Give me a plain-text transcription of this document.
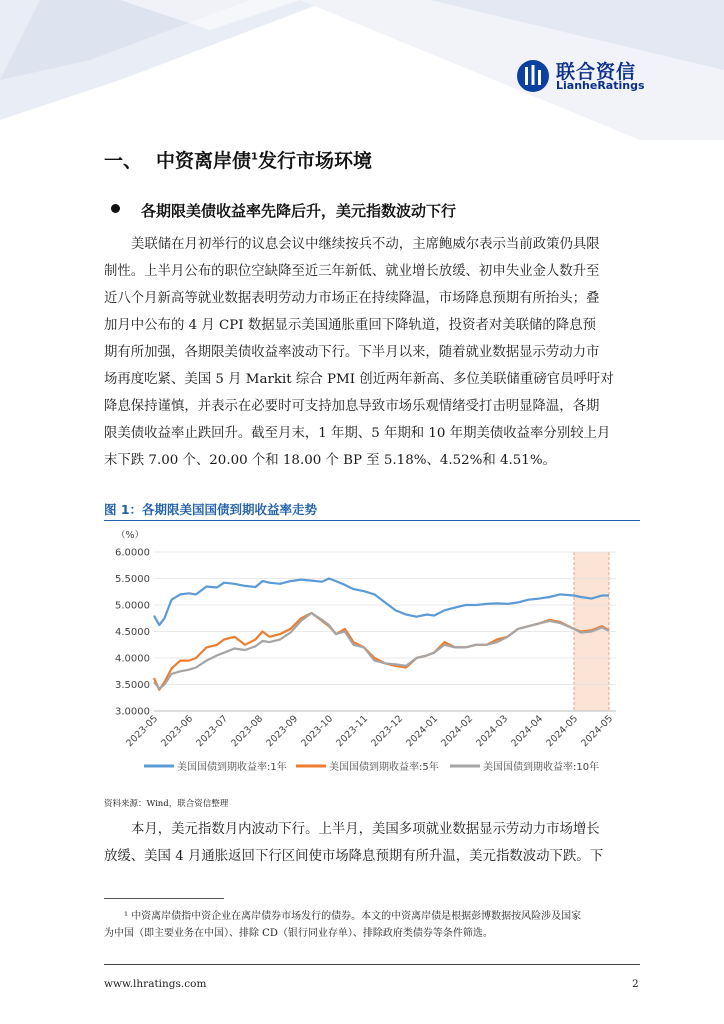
联合资信
LianheRatings
一、 中资离岸债$^1$发行市场环境
各期限美债收益率先降后升，美元指数波动下行
美联储在月初举行的议息会议中继续按兵不动，主席鲍威尔表示当前政策仍具限
制性。上半月公布的职位空缺降至近三年新低、就业增长放缓、初申失业金人数升至
近八个月新高等就业数据表明劳动力市场正在持续降温，市场降息预期有所抬头；叠
加月中公布的 4 月 CPI 数据显示美国通胀重回下降轨道，投资者对美联储的降息预
期有所加强，各期限美债收益率波动下行。下半月以来，随着就业数据显示劳动力市
场再度吃紧、美国 5 月 Markit 综合 PMI 创近两年新高、多位美联储重磅官员呼吁对
降息保持谨慎，并表示在必要时可支持加息导致市场乐观情绪受打击明显降温，各期
限美债收益率止跌回升。截至月末，1 年期、5 年期和 10 年期美债收益率分别较上月
末下跌 7.00 个、20.00 个和 18.00 个 BP 至 5.18%、4.52%和 4.51%。
图 1：各期限美国国债到期收益率走势
6.0000
5.5000
5.0000
4.5000
4.0000
3.5000
3.0000
（%）
2023-05 2023-06 2023-07 2023-08 2023-09 2023-10 2023-11 2023-12 2024-01 2024-02 2024-03 2024-04 2024-05 2024-05
美国国债到期收益率:1年	美国国债到期收益率:5年	美国国债到期收益率:10年
资料来源：Wind，联合资信整理
本月，美元指数月内波动下行。上半月，美国多项就业数据显示劳动力市场增长
放缓、美国 4 月通胀返回下行区间使市场降息预期有所升温，美元指数波动下跌。下
¹ 中资离岸债指中资企业在离岸债券市场发行的债券。本文的中资离岸债是根据彭博数据按风险涉及国家
为中国（即主要业务在中国）、排除 CD（银行同业存单）、排除政府类债券等条件筛选。
www.lhratings.com	2
